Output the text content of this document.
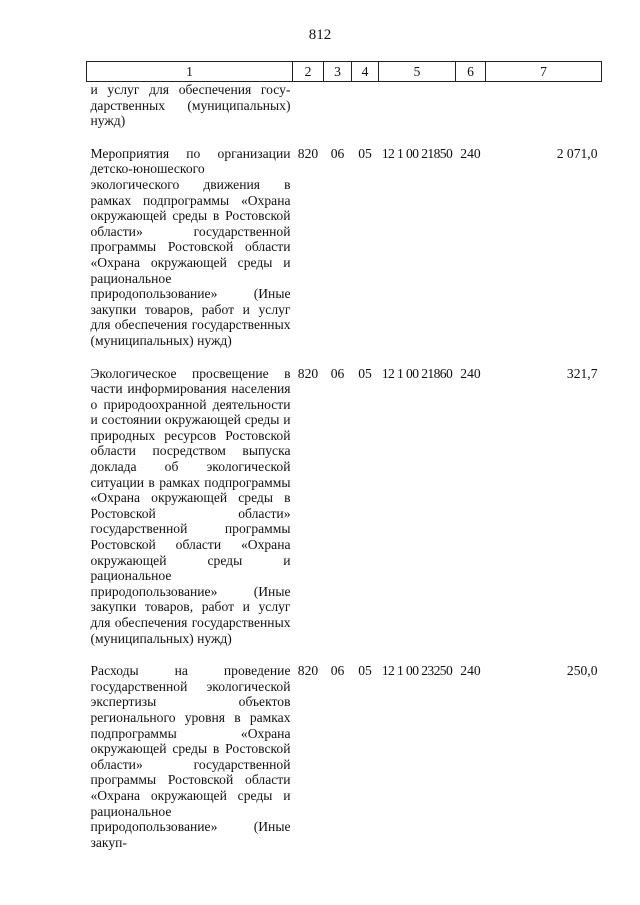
812
1	2	3	4	5	6	7
и услуг для обеспечения государственных (муниципальных) нужд)						

Мероприятия по организации детско-юношеского экологического движения в рамках подпрограммы «Охрана окружающей среды в Ростовской области» государственной программы Ростовской области «Охрана окружающей среды и рациональное природопользование» (Иные закупки товаров, работ и услуг для обеспечения государственных (муниципальных) нужд)	820	06	05	12 1 00 21850	240	2 071,0

Экологическое просвещение в части информирования населения о природоохранной деятельности и состоянии окружающей среды и природных ресурсов Ростовской области посредством выпуска доклада об экологической ситуации в рамках подпрограммы «Охрана окружающей среды в Ростовской области» государственной программы Ростовской области «Охрана окружающей среды и рациональное природопользование» (Иные закупки товаров, работ и услуг для обеспечения государственных (муниципальных) нужд)	820	06	05	12 1 00 21860	240	321,7

Расходы на проведение государственной экологической экспертизы объектов регионального уровня в рамках подпрограммы «Охрана окружающей среды в Ростовской области» государственной программы Ростовской области «Охрана окружающей среды и рациональное природопользование» (Иные закуп-	820	06	05	12 1 00 23250	240	250,0
